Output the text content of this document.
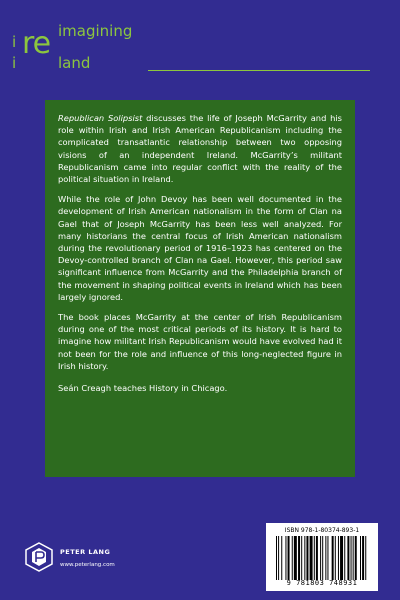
i re imagining
i	land

Republican Solipsist discusses the life of Joseph McGarrity and his role within Irish and Irish American Republicanism including the complicated transatlantic relationship between two opposing visions of an independent Ireland. McGarrity’s militant Republicanism came into regular conflict with the reality of the political situation in Ireland.

While the role of John Devoy has been well documented in the development of Irish American nationalism in the form of Clan na Gael that of Joseph McGarrity has been less well analyzed. For many historians the central focus of Irish American nationalism during the revolutionary period of 1916–1923 has centered on the Devoy-controlled branch of Clan na Gael. However, this period saw significant influence from McGarrity and the Philadelphia branch of the movement in shaping political events in Ireland which has been largely ignored.

The book places McGarrity at the center of Irish Republicanism during one of the most critical periods of its history. It is hard to imagine how militant Irish Republicanism would have evolved had it not been for the role and influence of this long-neglected figure in Irish history.

Seán Creagh teaches History in Chicago.

PETER LANG
www.peterlang.com
ISBN 978-1-80374-893-1
9 781803 748931
